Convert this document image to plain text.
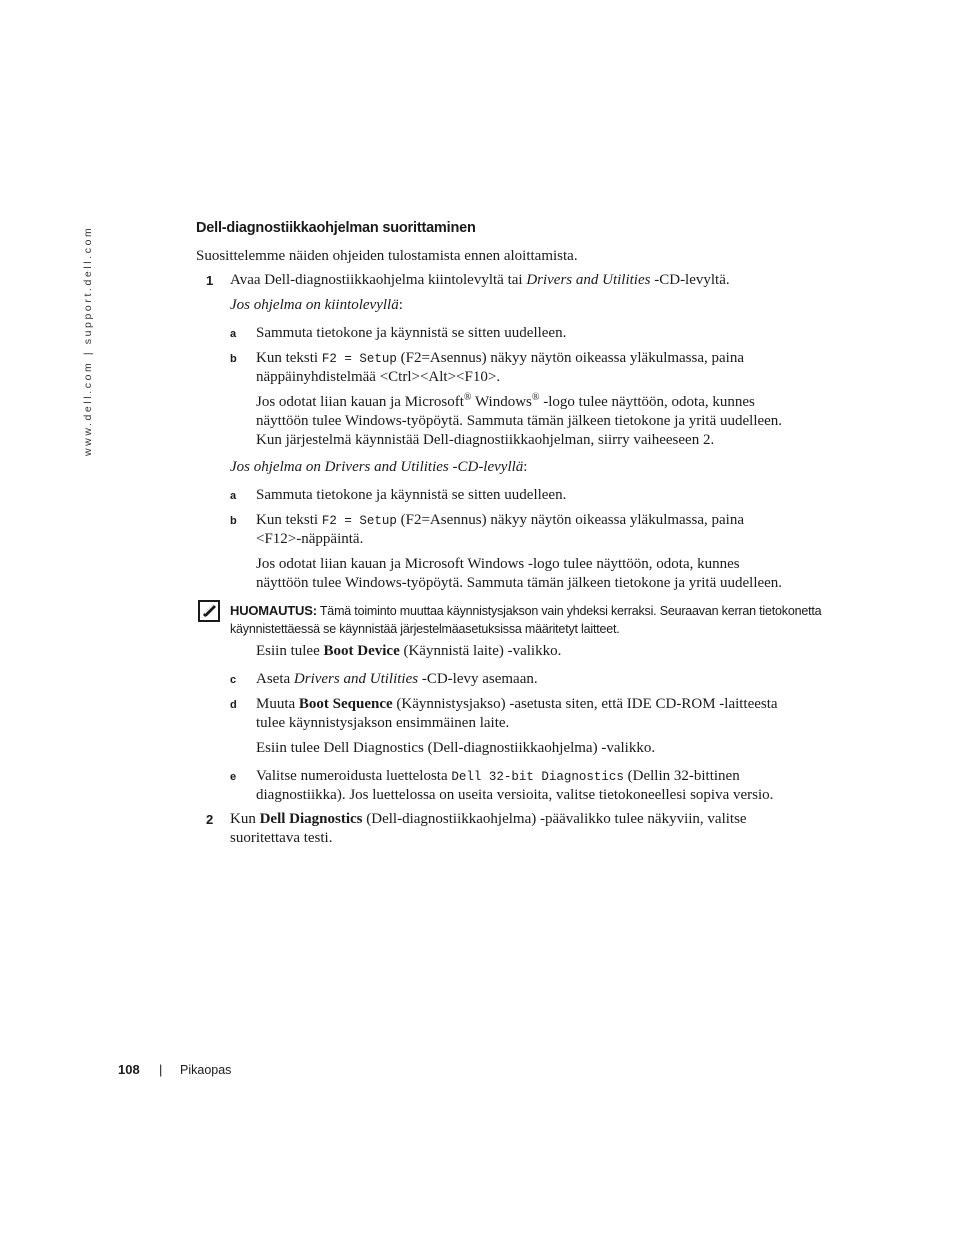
www.dell.com | support.dell.com	Dell-diagnostiikkaohjelman suorittaminen
Suosittelemme näiden ohjeiden tulostamista ennen aloittamista.
1 Avaa Dell-diagnostiikkaohjelma kiintolevyltä tai Drivers and Utilities -CD-levyltä.
Jos ohjelma on kiintolevyllä:
a Sammuta tietokone ja käynnistä se sitten uudelleen.
b Kun teksti F2 = Setup (F2=Asennus) näkyy näytön oikeassa yläkulmassa, paina
näppäinyhdistelmää <Ctrl><Alt><F10>.
Jos odotat liian kauan ja Microsoft® Windows® -logo tulee näyttöön, odota, kunnes
näyttöön tulee Windows-työpöytä. Sammuta tämän jälkeen tietokone ja yritä uudelleen.
Kun järjestelmä käynnistää Dell-diagnostiikkaohjelman, siirry vaiheeseen 2.
Jos ohjelma on Drivers and Utilities -CD-levyllä:
a Sammuta tietokone ja käynnistä se sitten uudelleen.
b Kun teksti F2 = Setup (F2=Asennus) näkyy näytön oikeassa yläkulmassa, paina
<F12>-näppäintä.
Jos odotat liian kauan ja Microsoft Windows -logo tulee näyttöön, odota, kunnes
näyttöön tulee Windows-työpöytä. Sammuta tämän jälkeen tietokone ja yritä uudelleen.
HUOMAUTUS: Tämä toiminto muuttaa käynnistysjakson vain yhdeksi kerraksi. Seuraavan kerran tietokonetta käynnistettäessä se käynnistää järjestelmäasetuksissa määritetyt laitteet.
Esiin tulee Boot Device (Käynnistä laite) -valikko.
c Aseta Drivers and Utilities -CD-levy asemaan.
d Muuta Boot Sequence (Käynnistysjakso) -asetusta siten, että IDE CD-ROM -laitteesta
tulee käynnistysjakson ensimmäinen laite.
Esiin tulee Dell Diagnostics (Dell-diagnostiikkaohjelma) -valikko.
e Valitse numeroidusta luettelosta Dell 32-bit Diagnostics (Dellin 32-bittinen
diagnostiikka). Jos luettelossa on useita versioita, valitse tietokoneellesi sopiva versio.
2 Kun Dell Diagnostics (Dell-diagnostiikkaohjelma) -päävalikko tulee näkyviin, valitse
suoritettava testi.
108 | Pikaopas
